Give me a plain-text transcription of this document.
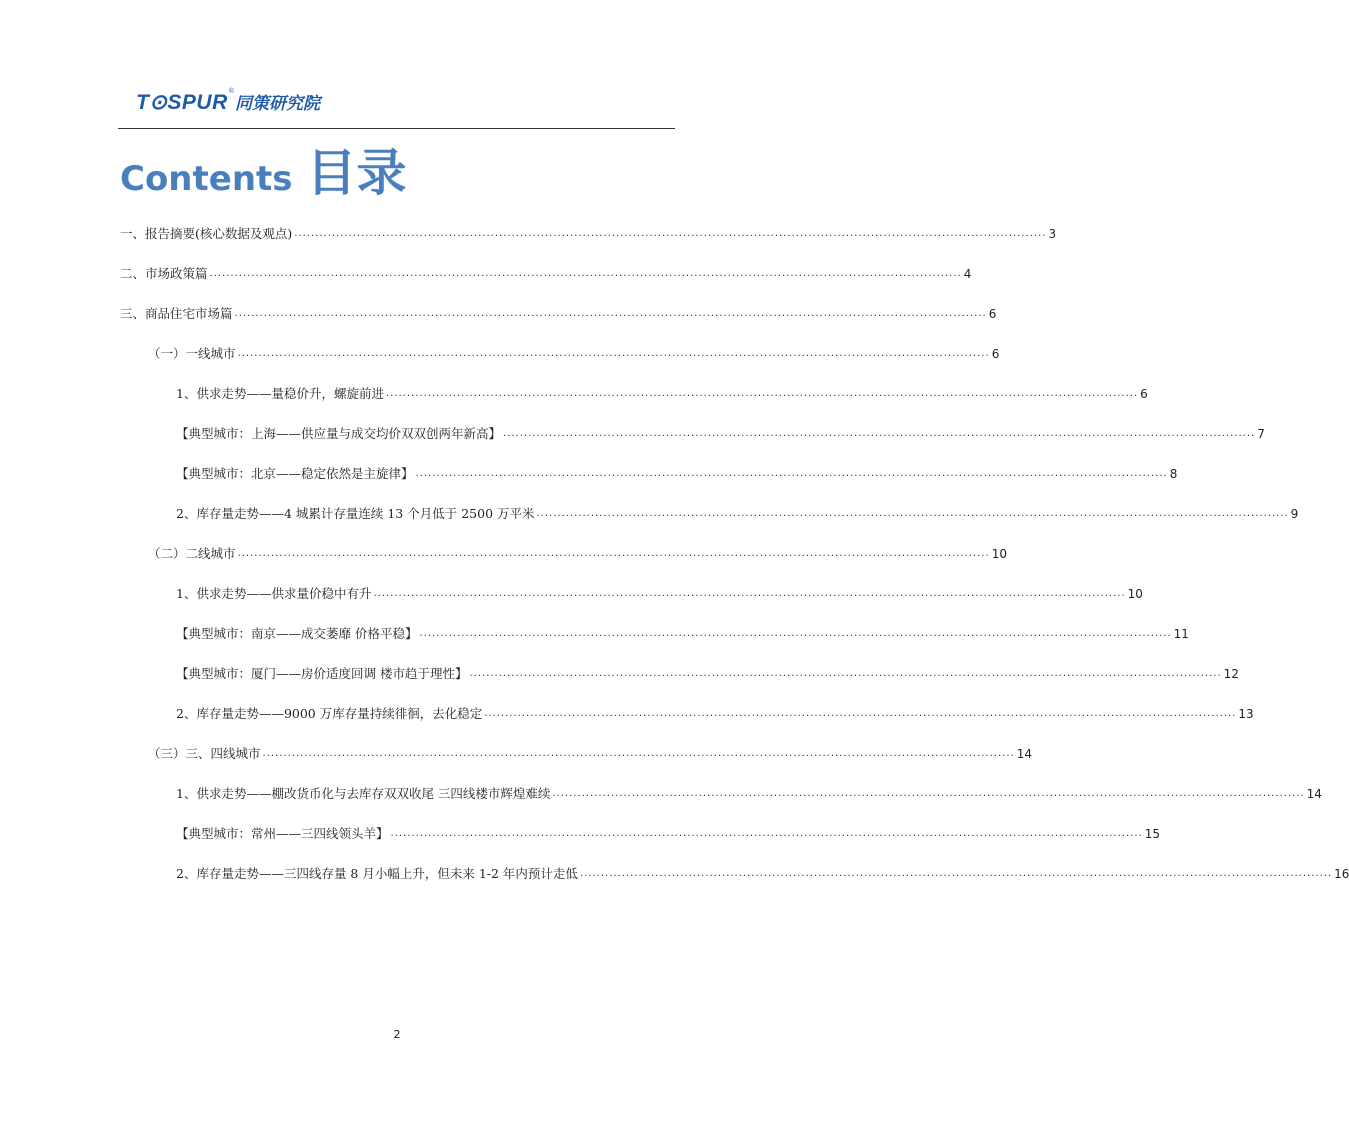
T⊙SPUR ®
同策研究院
Contents 目录
一、报告摘要(核心数据及观点) .................................................................................................................................................................................... 3
二、市场政策篇 .................................................................................................................................................................................... 4
三、商品住宅市场篇 .................................................................................................................................................................................... 6
（一）一线城市 .................................................................................................................................................................................... 6
1、供求走势——量稳价升，螺旋前进 .................................................................................................................................................................................... 6
【典型城市：上海——供应量与成交均价双双创两年新高】 .................................................................................................................................................................................... 7
【典型城市：北京——稳定依然是主旋律】 .................................................................................................................................................................................... 8
2、库存量走势——4 城累计存量连续 13 个月低于 2500 万平米 .................................................................................................................................................................................... 9
（二）二线城市 .................................................................................................................................................................................... 10
1、供求走势——供求量价稳中有升 .................................................................................................................................................................................... 10
【典型城市：南京——成交萎靡 价格平稳】 .................................................................................................................................................................................... 11
【典型城市：厦门——房价适度回调 楼市趋于理性】 .................................................................................................................................................................................... 12
2、库存量走势——9000 万库存量持续徘徊，去化稳定 .................................................................................................................................................................................... 13
（三）三、四线城市 .................................................................................................................................................................................... 14
1、供求走势——棚改货币化与去库存双双收尾 三四线楼市辉煌难续 .................................................................................................................................................................................... 14
【典型城市：常州——三四线领头羊】 .................................................................................................................................................................................... 15
2、库存量走势——三四线存量 8 月小幅上升，但未来 1-2 年内预计走低 .................................................................................................................................................................................... 16
2
